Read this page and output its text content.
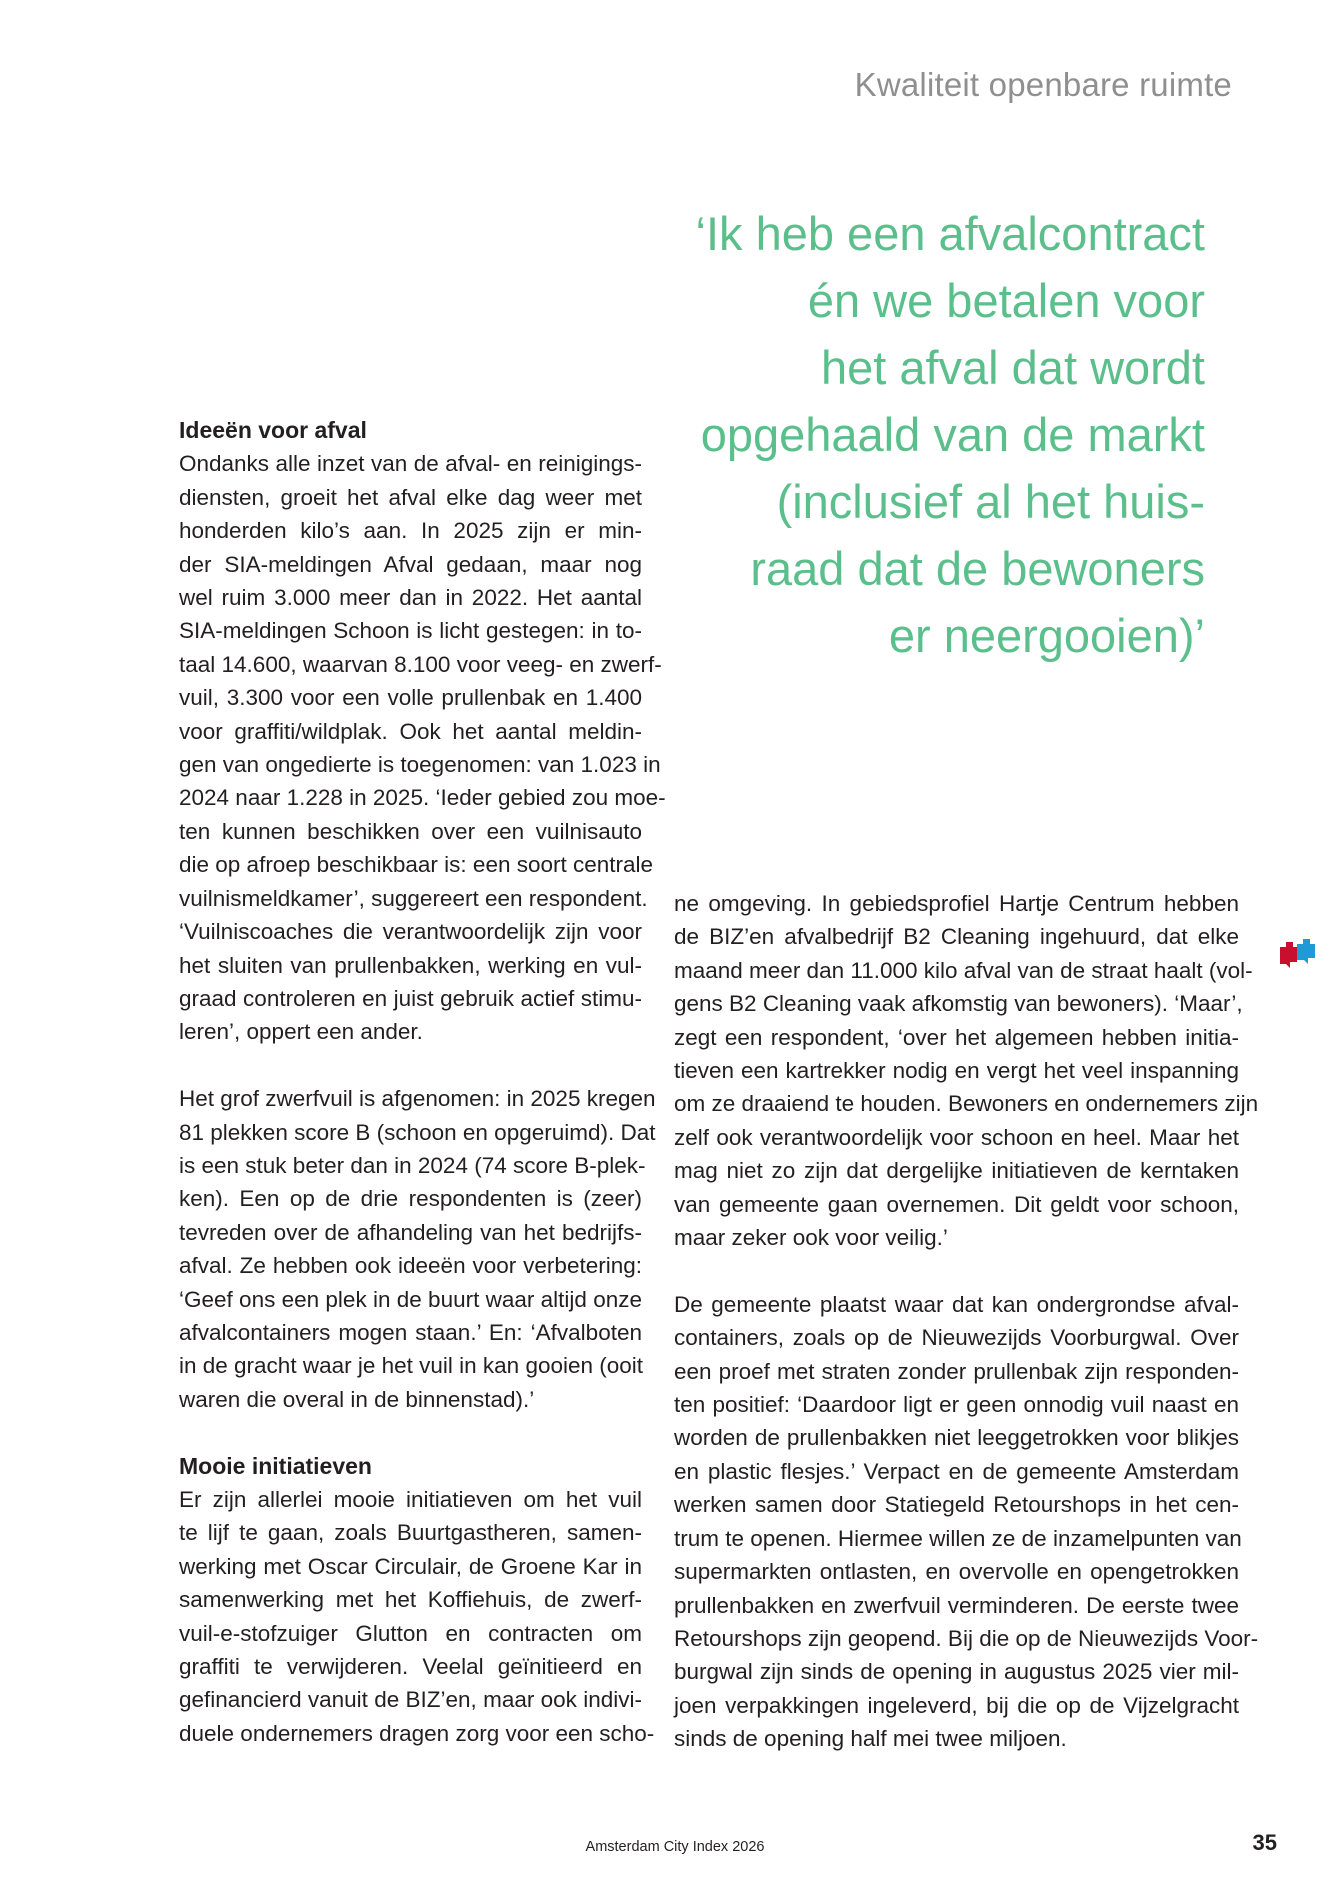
Kwaliteit openbare ruimte
‘Ik heb een afvalcontract
én we betalen voor
het afval dat wordt
opgehaald van de markt
(inclusief al het huis-
raad dat de bewoners
er neergooien)’
Ideeën voor afval
Ondanks alle inzet van de afval- en reinigings-
diensten, groeit het afval elke dag weer met
honderden kilo’s aan. In 2025 zijn er min-
der SIA-meldingen Afval gedaan, maar nog
wel ruim 3.000 meer dan in 2022. Het aantal
SIA-meldingen Schoon is licht gestegen: in to-
taal 14.600, waarvan 8.100 voor veeg- en zwerf-
vuil, 3.300 voor een volle prullenbak en 1.400
voor graffiti/wildplak. Ook het aantal meldin-
gen van ongedierte is toegenomen: van 1.023 in
2024 naar 1.228 in 2025. ‘Ieder gebied zou moe-
ten kunnen beschikken over een vuilnisauto
die op afroep beschikbaar is: een soort centrale
vuilnismeldkamer’, suggereert een respondent.
‘Vuilniscoaches die verantwoordelijk zijn voor
het sluiten van prullenbakken, werking en vul-
graad controleren en juist gebruik actief stimu-
leren’, oppert een ander.
Het grof zwerfvuil is afgenomen: in 2025 kregen
81 plekken score B (schoon en opgeruimd). Dat
is een stuk beter dan in 2024 (74 score B-plek-
ken). Een op de drie respondenten is (zeer)
tevreden over de afhandeling van het bedrijfs-
afval. Ze hebben ook ideeën voor verbetering:
‘Geef ons een plek in de buurt waar altijd onze
afvalcontainers mogen staan.’ En: ‘Afvalboten
in de gracht waar je het vuil in kan gooien (ooit
waren die overal in de binnenstad).’
Mooie initiatieven
Er zijn allerlei mooie initiatieven om het vuil
te lijf te gaan, zoals Buurtgastheren, samen-
werking met Oscar Circulair, de Groene Kar in
samenwerking met het Koffiehuis, de zwerf-
vuil-e-stofzuiger Glutton en contracten om
graffiti te verwijderen. Veelal geïnitieerd en
gefinancierd vanuit de BIZ’en, maar ook indivi-
duele ondernemers dragen zorg voor een scho-
ne omgeving. In gebiedsprofiel Hartje Centrum hebben
de BIZ’en afvalbedrijf B2 Cleaning ingehuurd, dat elke
maand meer dan 11.000 kilo afval van de straat haalt (vol-
gens B2 Cleaning vaak afkomstig van bewoners). ‘Maar’,
zegt een respondent, ‘over het algemeen hebben initia-
tieven een kartrekker nodig en vergt het veel inspanning
om ze draaiend te houden. Bewoners en ondernemers zijn
zelf ook verantwoordelijk voor schoon en heel. Maar het
mag niet zo zijn dat dergelijke initiatieven de kerntaken
van gemeente gaan overnemen. Dit geldt voor schoon,
maar zeker ook voor veilig.’
De gemeente plaatst waar dat kan ondergrondse afval-
containers, zoals op de Nieuwezijds Voorburgwal. Over
een proef met straten zonder prullenbak zijn responden-
ten positief: ‘Daardoor ligt er geen onnodig vuil naast en
worden de prullenbakken niet leeggetrokken voor blikjes
en plastic flesjes.’ Verpact en de gemeente Amsterdam
werken samen door Statiegeld Retourshops in het cen-
trum te openen. Hiermee willen ze de inzamelpunten van
supermarkten ontlasten, en overvolle en opengetrokken
prullenbakken en zwerfvuil verminderen. De eerste twee
Retourshops zijn geopend. Bij die op de Nieuwezijds Voor-
burgwal zijn sinds de opening in augustus 2025 vier mil-
joen verpakkingen ingeleverd, bij die op de Vijzelgracht
sinds de opening half mei twee miljoen.
Amsterdam City Index 2026	35
